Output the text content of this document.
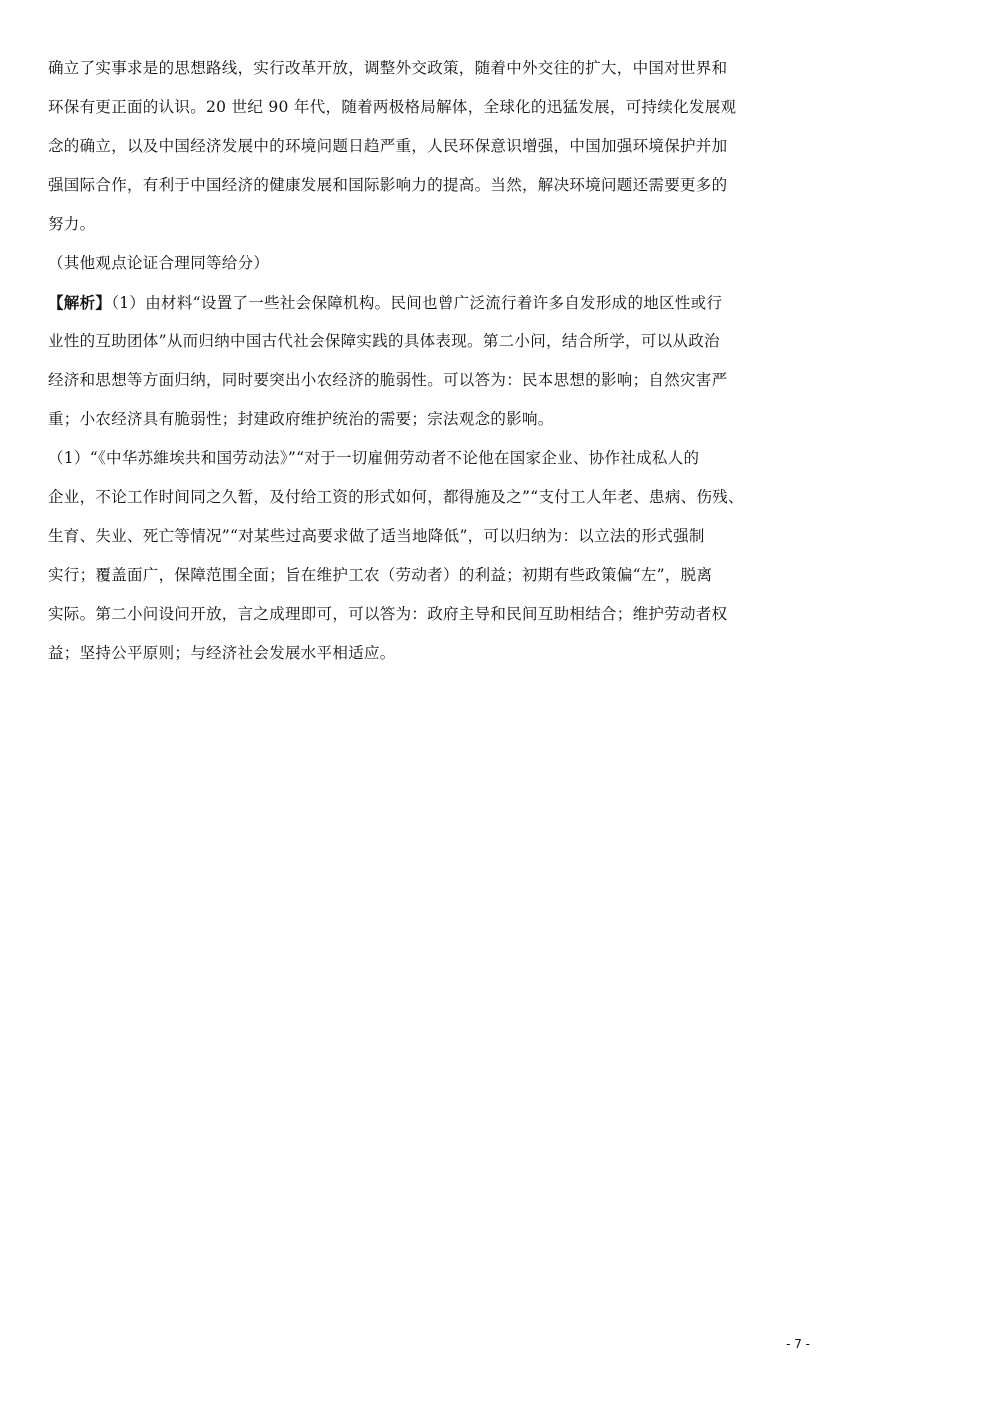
确立了实事求是的思想路线，实行改革开放，调整外交政策，随着中外交往的扩大，中国对世界和
环保有更正面的认识。20 世纪 90 年代，随着两极格局解体，全球化的迅猛发展，可持续化发展观
念的确立，以及中国经济发展中的环境问题日趋严重，人民环保意识增强，中国加强环境保护并加
强国际合作，有利于中国经济的健康发展和国际影响力的提高。当然，解决环境问题还需要更多的
努力。
（其他观点论证合理同等给分）
【解析】（1）由材料“设置了一些社会保障机构。民间也曾广泛流行着许多自发形成的地区性或行
业性的互助团体”从而归纳中国古代社会保障实践的具体表现。第二小问，结合所学，可以从政治
经济和思想等方面归纳，同时要突出小农经济的脆弱性。可以答为：民本思想的影响；自然灾害严
重；小农经济具有脆弱性；封建政府维护统治的需要；宗法观念的影响。
（1）“《中华苏維埃共和国劳动法》”“对于一切雇佣劳动者不论他在国家企业、协作社成私人的
企业，不论工作时间同之久暂，及付给工资的形式如何，都得施及之”“支付工人年老、患病、伤残、
生育、失业、死亡等情况”“对某些过高要求做了适当地降低”，可以归纳为：以立法的形式强制
实行；覆盖面广，保障范围全面；旨在维护工农（劳动者）的利益；初期有些政策偏“左”，脱离
实际。第二小问设问开放，言之成理即可，可以答为：政府主导和民间互助相结合；维护劳动者权
益；坚持公平原则；与经济社会发展水平相适应。
- 7 -
